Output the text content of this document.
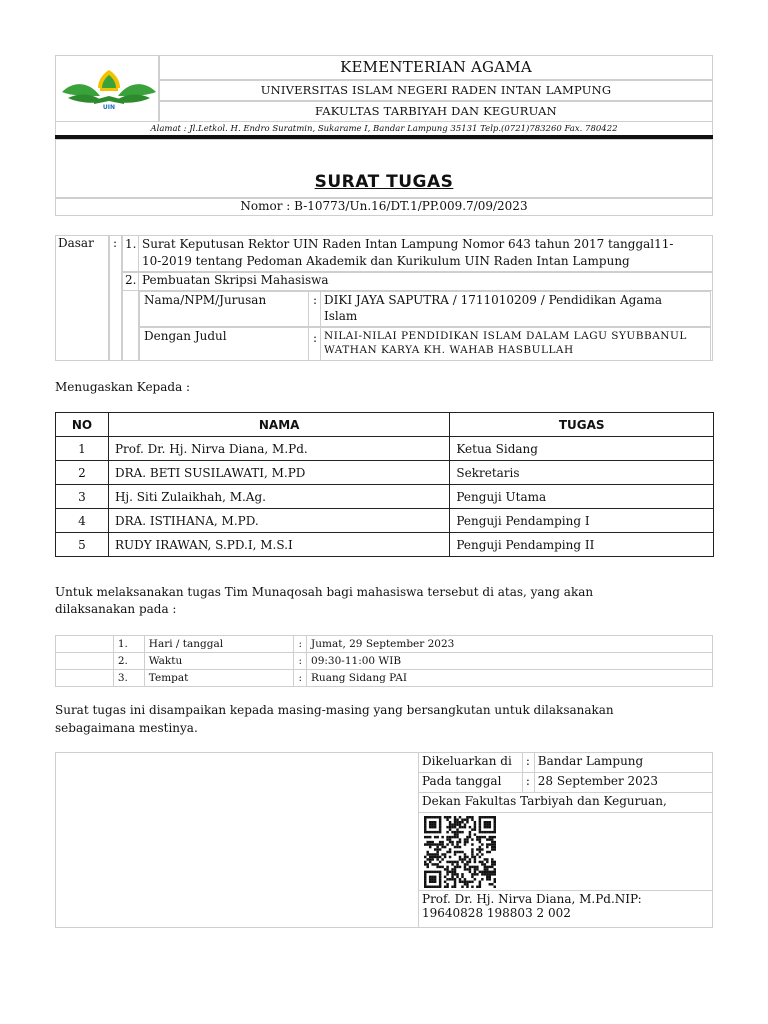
UIN
KEMENTERIAN AGAMA
UNIVERSITAS ISLAM NEGERI RADEN INTAN LAMPUNG
FAKULTAS TARBIYAH DAN KEGURUAN
Alamat : Jl.Letkol. H. Endro Suratmin, Sukarame I, Bandar Lampung 35131 Telp.(0721)783260 Fax. 780422
SURAT TUGAS
Nomor : B-10773/Un.16/DT.1/PP.009.7/09/2023
Dasar : 1. Surat Keputusan Rektor UIN Raden Intan Lampung Nomor 643 tahun 2017 tanggal11-
10-2019 tentang Pedoman Akademik dan Kurikulum UIN Raden Intan Lampung
2. Pembuatan Skripsi Mahasiswa
Nama/NPM/Jurusan	: DIKI JAYA SAPUTRA / 1711010209 / Pendidikan Agama
Islam
Dengan Judul	: NILAI-NILAI PENDIDIKAN ISLAM DALAM LAGU SYUBBANUL
WATHAN KARYA KH. WAHAB HASBULLAH
Menugaskan Kepada :
NO	NAMA	TUGAS
1	Prof. Dr. Hj. Nirva Diana, M.Pd.	Ketua Sidang
2	DRA. BETI SUSILAWATI, M.PD	Sekretaris
3	Hj. Siti Zulaikhah, M.Ag.	Penguji Utama
4	DRA. ISTIHANA, M.PD.	Penguji Pendamping I
5	RUDY IRAWAN, S.PD.I, M.S.I	Penguji Pendamping II
Untuk melaksanakan tugas Tim Munaqosah bagi mahasiswa tersebut di atas, yang akan
dilaksanakan pada :
	1.	Hari / tanggal	:	Jumat, 29 September 2023
	2.	Waktu	:	09:30-11:00 WIB
	3.	Tempat	:	Ruang Sidang PAI
Surat tugas ini disampaikan kepada masing-masing yang bersangkutan untuk dilaksanakan
sebagaimana mestinya.
Dikeluarkan di	:	Bandar Lampung
Pada tanggal	:	28 September 2023
Dekan Fakultas Tarbiyah dan Keguruan,		

Prof. Dr. Hj. Nirva Diana, M.Pd.NIP:
19640828 198803 2 002		
